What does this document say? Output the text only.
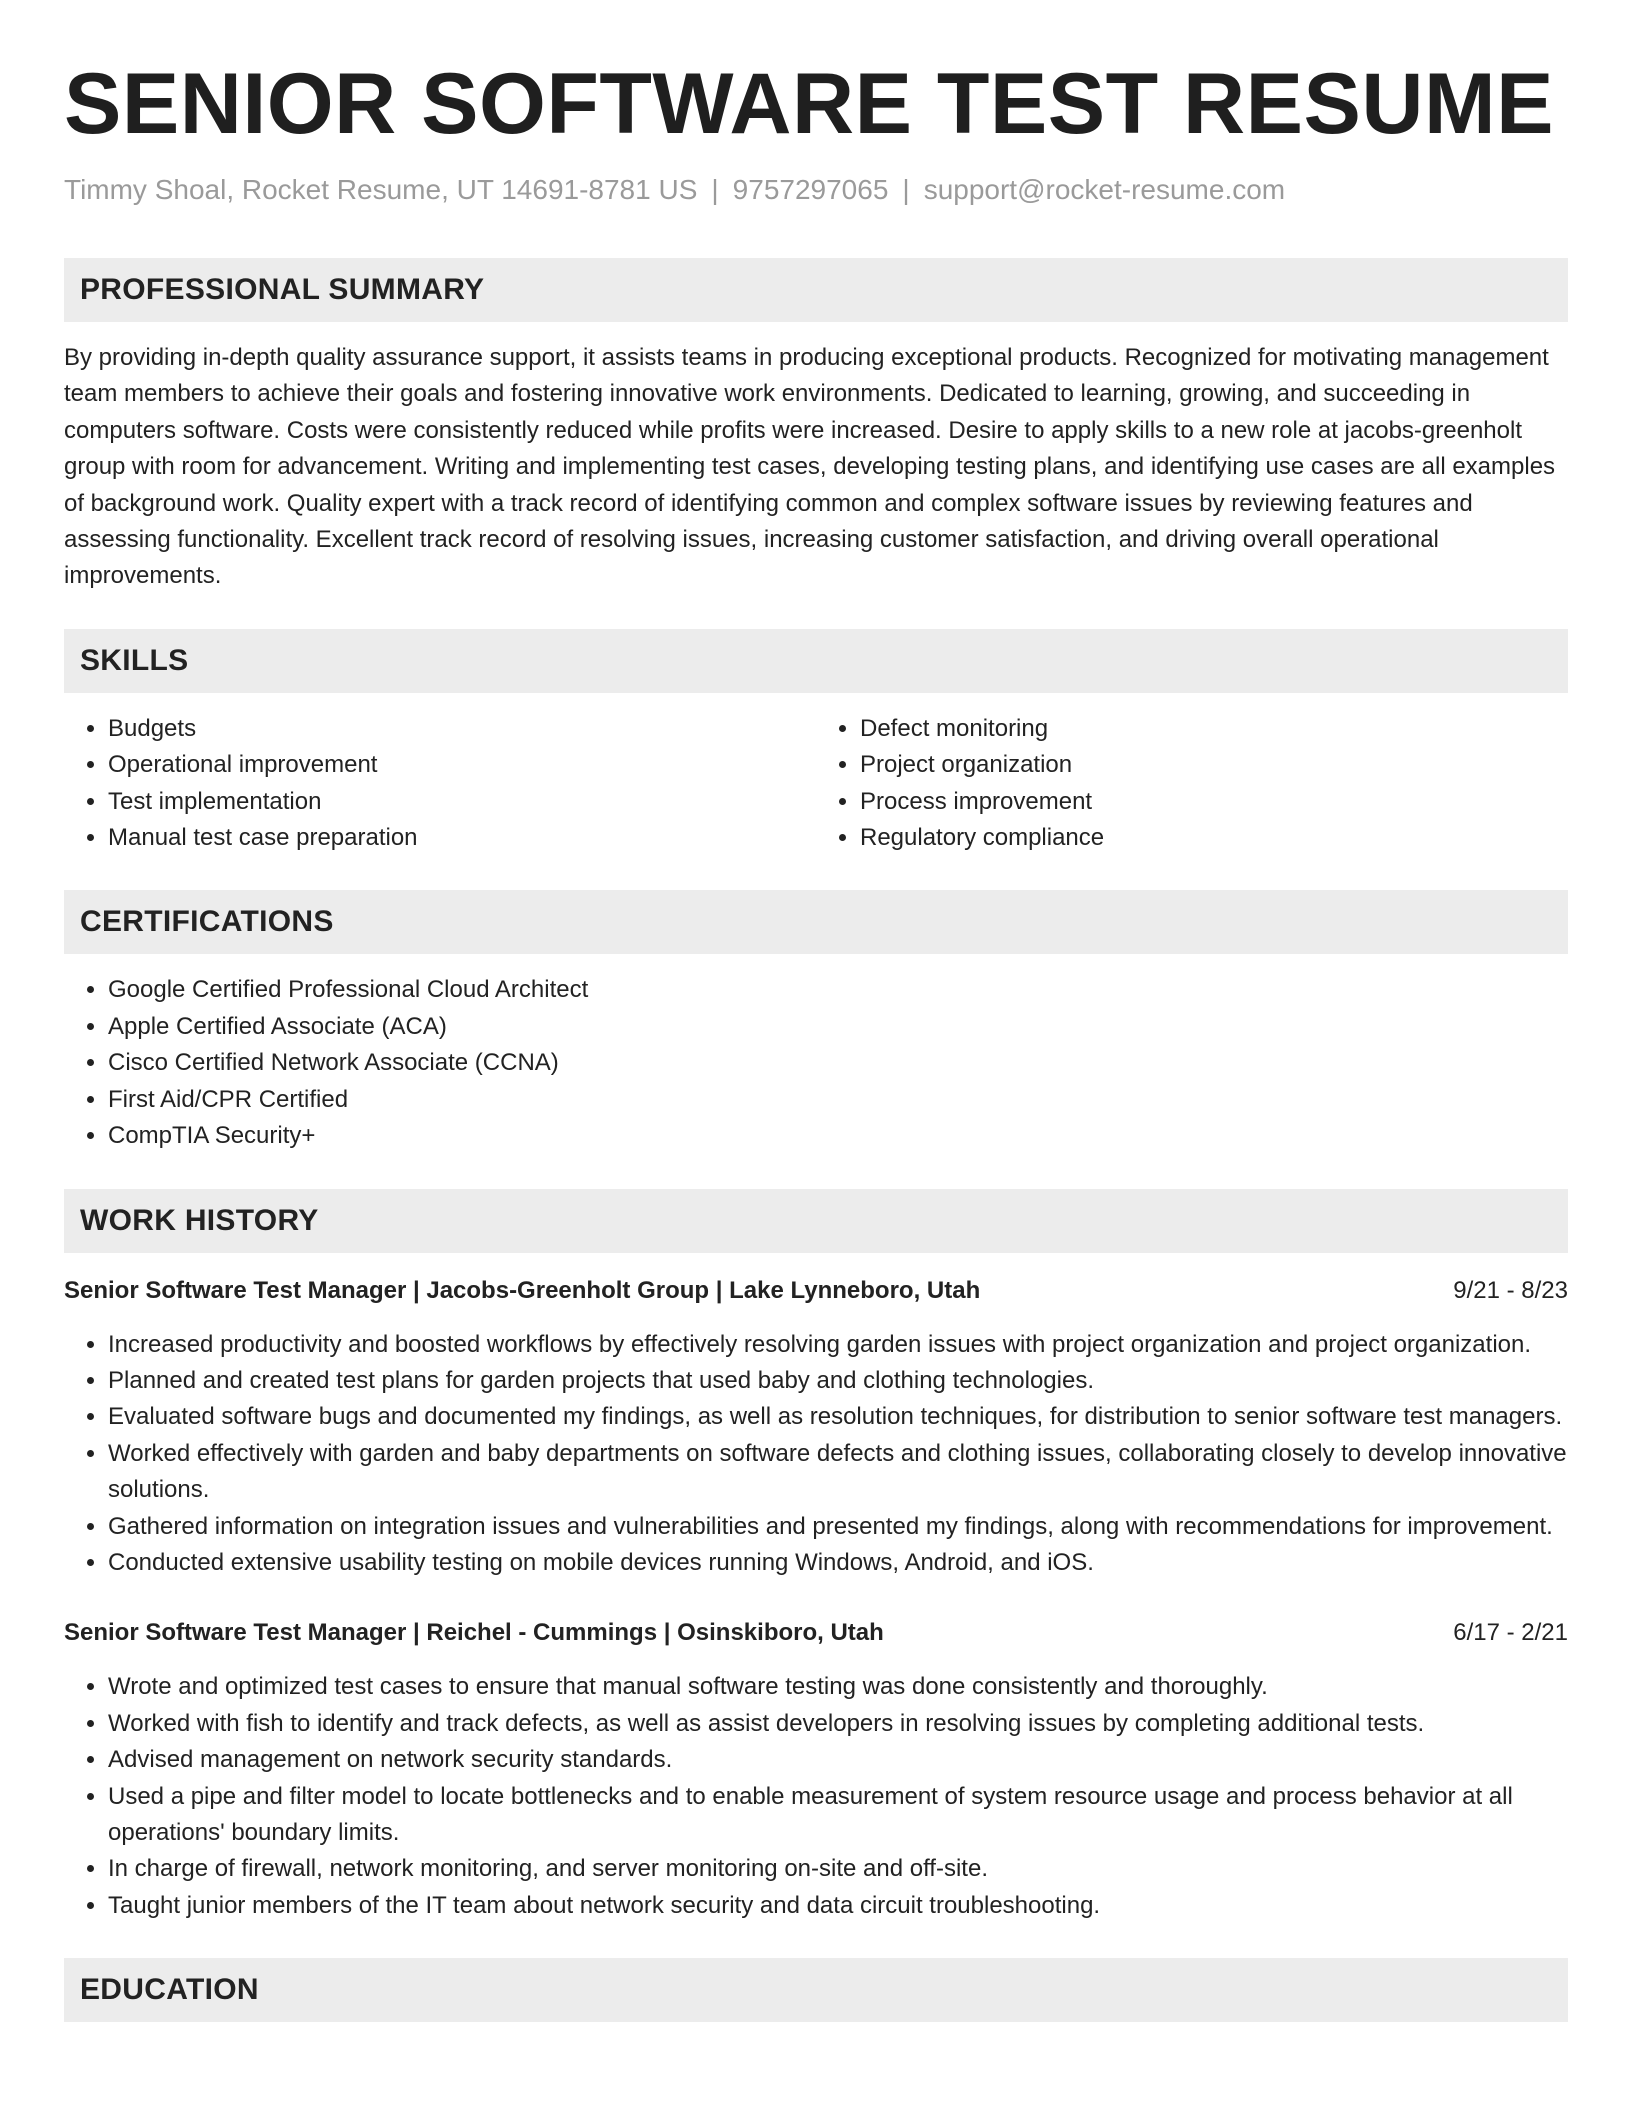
SENIOR SOFTWARE TEST RESUME
Timmy Shoal, Rocket Resume, UT 14691-8781 US | 9757297065 | support@rocket-resume.com
PROFESSIONAL SUMMARY

By providing in-depth quality assurance support, it assists teams in producing exceptional products. Recognized for motivating management team members to achieve their goals and fostering innovative work environments. Dedicated to learning, growing, and succeeding in computers software. Costs were consistently reduced while profits were increased. Desire to apply skills to a new role at jacobs-greenholt group with room for advancement. Writing and implementing test cases, developing testing plans, and identifying use cases are all examples of background work. Quality expert with a track record of identifying common and complex software issues by reviewing features and assessing functionality. Excellent track record of resolving issues, increasing customer satisfaction, and driving overall operational improvements.

SKILLS
• Budgets
• Operational improvement
• Test implementation
• Manual test case preparation
• Defect monitoring
• Project organization
• Process improvement
• Regulatory compliance
CERTIFICATIONS
• Google Certified Professional Cloud Architect
• Apple Certified Associate (ACA)
• Cisco Certified Network Associate (CCNA)
• First Aid/CPR Certified
• CompTIA Security+
WORK HISTORY
Senior Software Test Manager | Jacobs-Greenholt Group | Lake Lynneboro, Utah	9/21 - 8/23
• Increased productivity and boosted workflows by effectively resolving garden issues with project organization and project organization.
• Planned and created test plans for garden projects that used baby and clothing technologies.
• Evaluated software bugs and documented my findings, as well as resolution techniques, for distribution to senior software test managers.
• Worked effectively with garden and baby departments on software defects and clothing issues, collaborating closely to develop innovative solutions.
• Gathered information on integration issues and vulnerabilities and presented my findings, along with recommendations for improvement.
• Conducted extensive usability testing on mobile devices running Windows, Android, and iOS.
Senior Software Test Manager | Reichel - Cummings | Osinskiboro, Utah	6/17 - 2/21
• Wrote and optimized test cases to ensure that manual software testing was done consistently and thoroughly.
• Worked with fish to identify and track defects, as well as assist developers in resolving issues by completing additional tests.
• Advised management on network security standards.
• Used a pipe and filter model to locate bottlenecks and to enable measurement of system resource usage and process behavior at all operations' boundary limits.
• In charge of firewall, network monitoring, and server monitoring on-site and off-site.
• Taught junior members of the IT team about network security and data circuit troubleshooting.
EDUCATION
